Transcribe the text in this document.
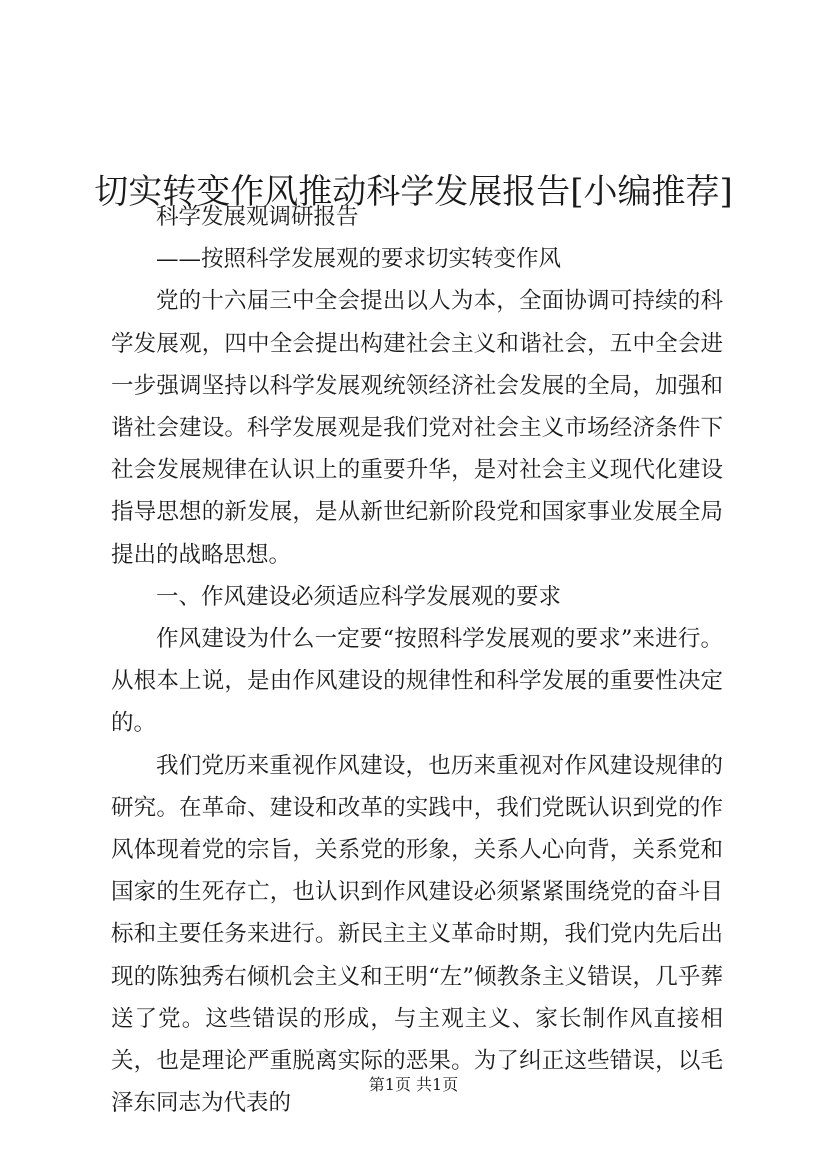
切实转变作风推动科学发展报告[小编推荐]

科学发展观调研报告

——按照科学发展观的要求切实转变作风

党的十六届三中全会提出以人为本，全面协调可持续的科学发展观，四中全会提出构建社会主义和谐社会，五中全会进一步强调坚持以科学发展观统领经济社会发展的全局，加强和谐社会建设。科学发展观是我们党对社会主义市场经济条件下社会发展规律在认识上的重要升华，是对社会主义现代化建设指导思想的新发展，是从新世纪新阶段党和国家事业发展全局提出的战略思想。

一、作风建设必须适应科学发展观的要求

作风建设为什么一定要“按照科学发展观的要求”来进行。从根本上说，是由作风建设的规律性和科学发展的重要性决定的。

我们党历来重视作风建设，也历来重视对作风建设规律的研究。在革命、建设和改革的实践中，我们党既认识到党的作风体现着党的宗旨，关系党的形象，关系人心向背，关系党和国家的生死存亡，也认识到作风建设必须紧紧围绕党的奋斗目标和主要任务来进行。新民主主义革命时期，我们党内先后出现的陈独秀右倾机会主义和王明“左”倾教条主义错误，几乎葬送了党。这些错误的形成，与主观主义、家长制作风直接相关，也是理论严重脱离实际的恶果。为了纠正这些错误，以毛泽东同志为代表的

第1页 共1页
